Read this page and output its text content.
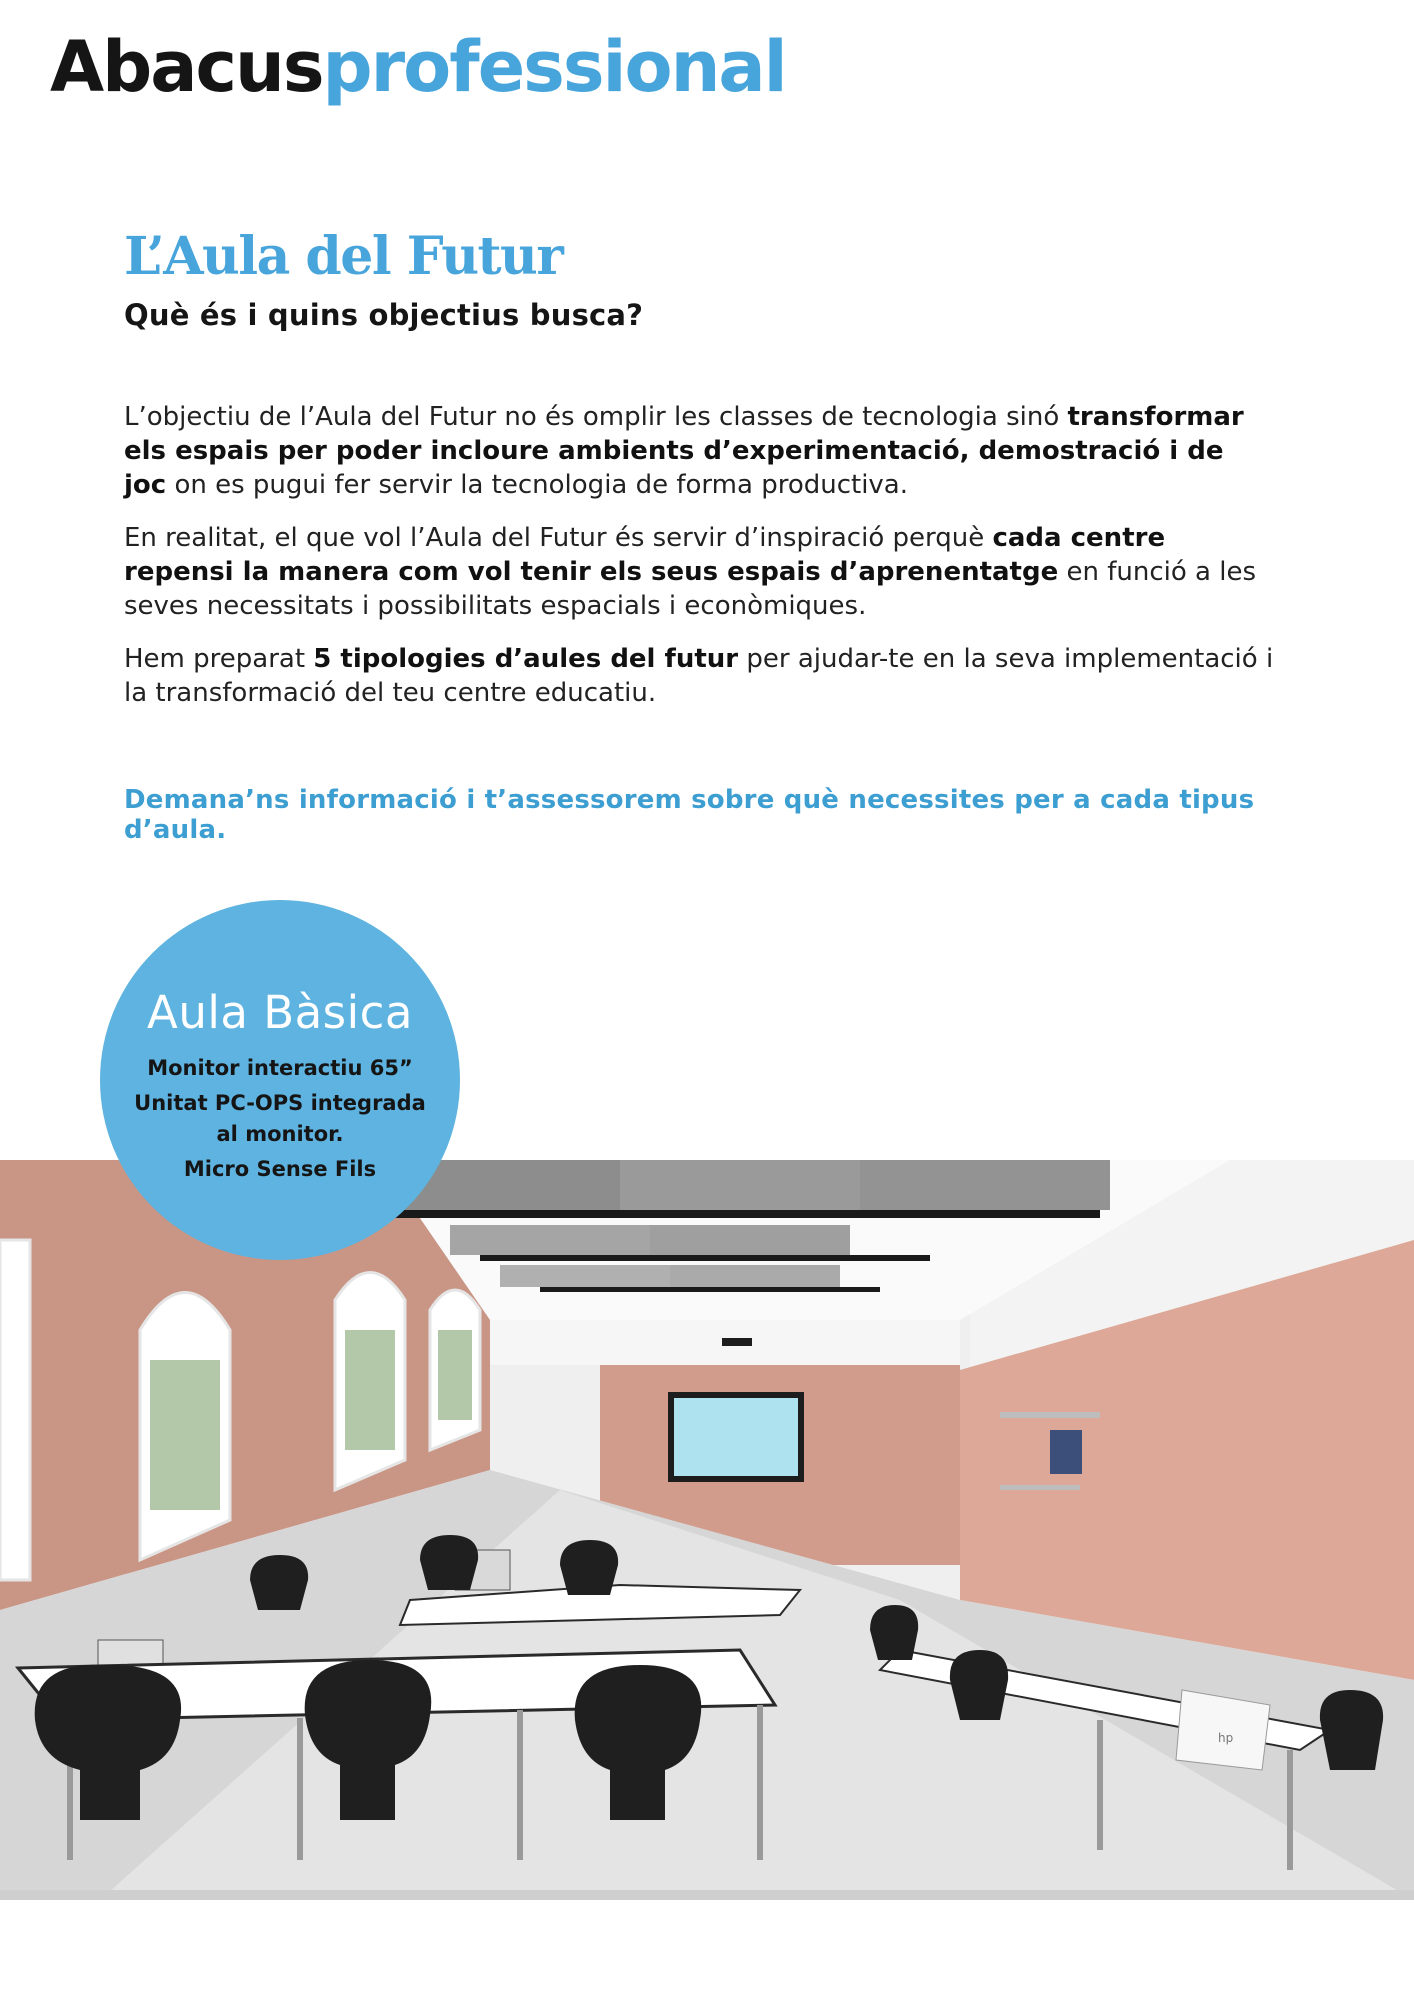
Abacusprofessional
L’Aula del Futur
Què és i quins objectius busca?

L’objectiu de l’Aula del Futur no és omplir les classes de tecnologia sinó transformar els espais per poder incloure ambients d’experimentació, demostració i de joc on es pugui fer servir la tecnologia de forma productiva.

En realitat, el que vol l’Aula del Futur és servir d’inspiració perquè cada centre repensi la manera com vol tenir els seus espais d’aprenentatge en funció a les seves necessitats i possibilitats espacials i econòmiques.

Hem preparat 5 tipologies d’aules del futur per ajudar-te en la seva implementació i la transformació del teu centre educatiu.

Demana’ns informació i t’assessorem sobre què necessites per a cada tipus d’aula.
Aula Bàsica
Monitor interactiu 65”
Unitat PC-OPS integrada
al monitor.
Micro Sense Fils
hp
